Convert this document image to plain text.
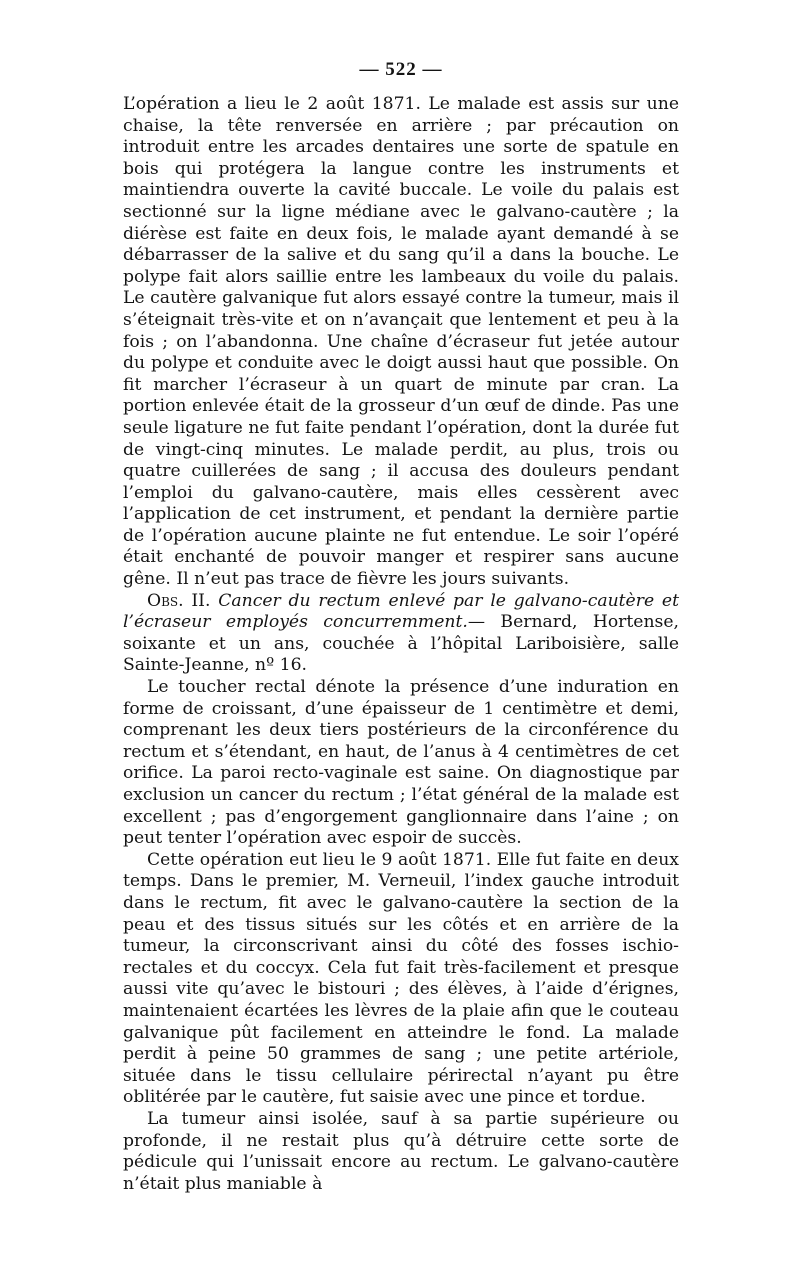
— 522 —

L’opération a lieu le 2 août 1871. Le malade est assis sur une chaise, la tête renversée en arrière ; par précaution on introduit entre les arcades dentaires une sorte de spatule en bois qui protégera la langue contre les instruments et maintiendra ouverte la cavité buccale. Le voile du palais est sectionné sur la ligne médiane avec le galvano-cautère ; la diérèse est faite en deux fois, le malade ayant demandé à se débarrasser de la salive et du sang qu’il a dans la bouche. Le polype fait alors saillie entre les lambeaux du voile du palais. Le cautère galvanique fut alors essayé contre la tumeur, mais il s’éteignait très-vite et on n’avançait que lentement et peu à la fois ; on l’abandonna. Une chaîne d’écraseur fut jetée autour du polype et conduite avec le doigt aussi haut que possible. On fit marcher l’écraseur à un quart de minute par cran. La portion enlevée était de la grosseur d’un œuf de dinde. Pas une seule ligature ne fut faite pendant l’opération, dont la durée fut de vingt-cinq minutes. Le malade perdit, au plus, trois ou quatre cuillerées de sang ; il accusa des douleurs pendant l’emploi du galvano-cautère, mais elles cessèrent avec l’application de cet instrument, et pendant la dernière partie de l’opération aucune plainte ne fut entendue. Le soir l’opéré était enchanté de pouvoir manger et respirer sans aucune gêne. Il n’eut pas trace de fièvre les jours suivants.

Obs. II. Cancer du rectum enlevé par le galvano-cautère et l’écraseur employés concurremment.— Bernard, Hortense, soixante et un ans, couchée à l’hôpital Lariboisière, salle Sainte-Jeanne, nº 16.

Le toucher rectal dénote la présence d’une induration en forme de croissant, d’une épaisseur de 1 centimètre et demi, comprenant les deux tiers postérieurs de la circonférence du rectum et s’étendant, en haut, de l’anus à 4 centimètres de cet orifice. La paroi recto-vaginale est saine. On diagnostique par exclusion un cancer du rectum ; l’état général de la malade est excellent ; pas d’engorgement ganglionnaire dans l’aine ; on peut tenter l’opération avec espoir de succès.

Cette opération eut lieu le 9 août 1871. Elle fut faite en deux temps. Dans le premier, M. Verneuil, l’index gauche introduit dans le rectum, fit avec le galvano-cautère la section de la peau et des tissus situés sur les côtés et en arrière de la tumeur, la circonscrivant ainsi du côté des fosses ischio-rectales et du coccyx. Cela fut fait très-facilement et presque aussi vite qu’avec le bistouri ; des élèves, à l’aide d’érignes, maintenaient écartées les lèvres de la plaie afin que le couteau galvanique pût facilement en atteindre le fond. La malade perdit à peine 50 grammes de sang ; une petite artériole, située dans le tissu cellulaire périrectal n’ayant pu être oblitérée par le cautère, fut saisie avec une pince et tordue.

La tumeur ainsi isolée, sauf à sa partie supérieure ou profonde, il ne restait plus qu’à détruire cette sorte de pédicule qui l’unissait encore au rectum. Le galvano-cautère n’était plus maniable à
